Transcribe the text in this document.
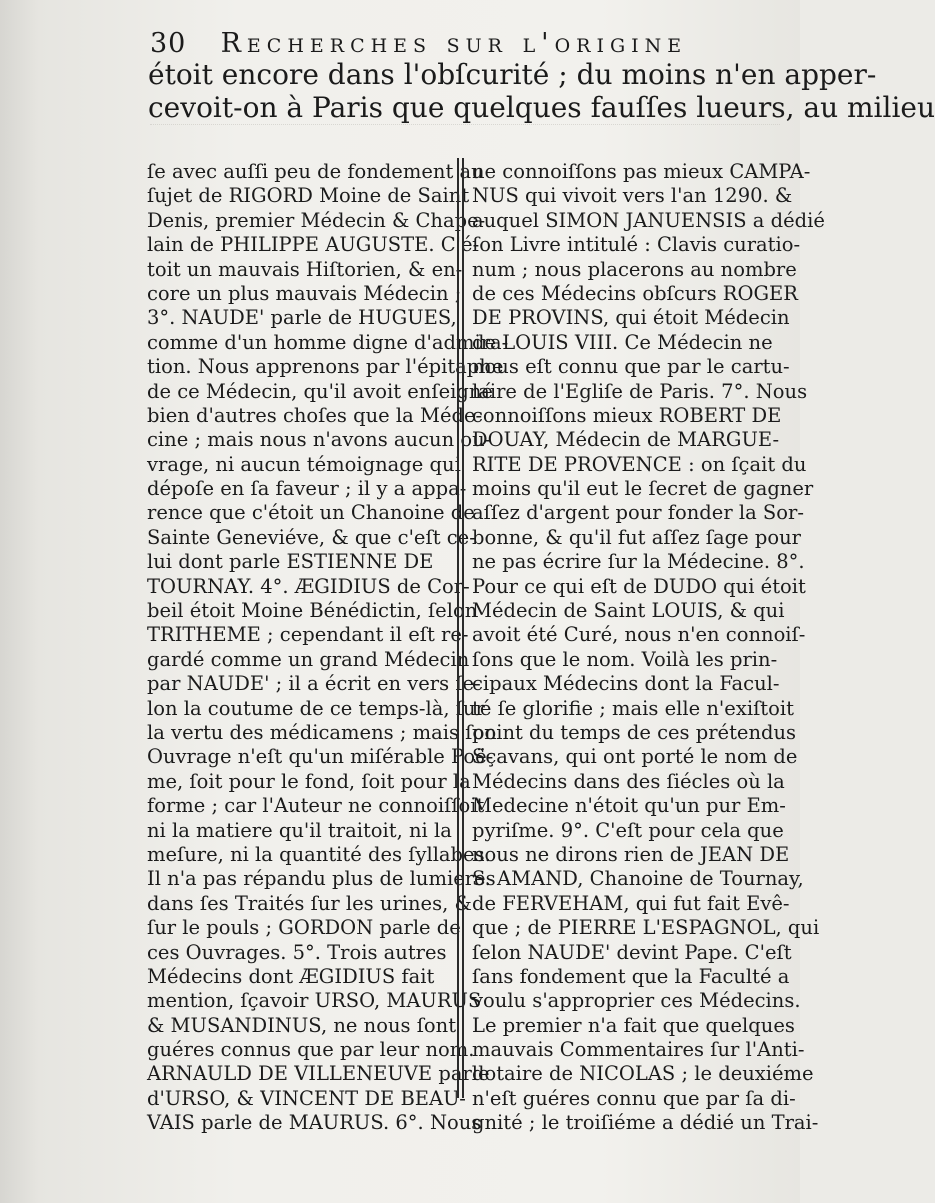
30 Recherches sur l'origine
étoit encore dans l'obſcurité ; du moins n'en apper-
cevoit-on à Paris que quelques fauſſes lueurs, au milieu
ſe avec auſſi peu de fondement au
ſujet de RIGORD Moine de Saint
Denis, premier Médecin & Chape-
lain de PHILIPPE AUGUSTE. C'é-
toit un mauvais Hiſtorien, & en-
core un plus mauvais Médecin ;
3°. NAUDE' parle de HUGUES,
comme d'un homme digne d'admira-
tion. Nous apprenons par l'épitaphe
de ce Médecin, qu'il avoit enſeigné
bien d'autres choſes que la Méde-
cine ; mais nous n'avons aucun ou-
vrage, ni aucun témoignage qui
dépoſe en ſa faveur ; il y a appa-
rence que c'étoit un Chanoine de
Sainte Geneviéve, & que c'eſt ce-
lui dont parle ESTIENNE DE
TOURNAY. 4°. ÆGIDIUS de Cor-
beil étoit Moine Bénédictin, ſelon
TRITHEME ; cependant il eſt re-
gardé comme un grand Médecin
par NAUDE' ; il a écrit en vers ſe-
lon la coutume de ce temps-là, ſur
la vertu des médicamens ; mais ſon
Ouvrage n'eſt qu'un miſérable Poë-
me, ſoit pour le fond, ſoit pour la
forme ; car l'Auteur ne connoiſſoit
ni la matiere qu'il traitoit, ni la
meſure, ni la quantité des ſyllabes.
Il n'a pas répandu plus de lumieres
dans ſes Traités ſur les urines, &
ſur le pouls ; GORDON parle de
ces Ouvrages. 5°. Trois autres
Médecins dont ÆGIDIUS fait
mention, ſçavoir URSO, MAURUS
& MUSANDINUS, ne nous ſont
guéres connus que par leur nom.
ARNAULD DE VILLENEUVE parle
d'URSO, & VINCENT DE BEAU-
VAIS parle de MAURUS. 6°. Nous
ne connoiſſons pas mieux CAMPA-
NUS qui vivoit vers l'an 1290. &
auquel SIMON JANUENSIS a dédié
ſon Livre intitulé : Clavis curatio-
num ; nous placerons au nombre
de ces Médecins obſcurs ROGER
DE PROVINS, qui étoit Médecin
de LOUIS VIII. Ce Médecin ne
nous eſt connu que par le cartu-
laire de l'Egliſe de Paris. 7°. Nous
connoiſſons mieux ROBERT DE
DOUAY, Médecin de MARGUE-
RITE DE PROVENCE : on ſçait du
moins qu'il eut le ſecret de gagner
aſſez d'argent pour fonder la Sor-
bonne, & qu'il fut aſſez ſage pour
ne pas écrire ſur la Médecine. 8°.
Pour ce qui eſt de DUDO qui étoit
Médecin de Saint LOUIS, & qui
avoit été Curé, nous n'en connoiſ-
ſons que le nom. Voilà les prin-
cipaux Médecins dont la Facul-
té ſe glorifie ; mais elle n'exiſtoit
point du temps de ces prétendus
Sçavans, qui ont porté le nom de
Médecins dans des ſiécles où la
Medecine n'étoit qu'un pur Em-
pyriſme. 9°. C'eſt pour cela que
nous ne dirons rien de JEAN DE
S. AMAND, Chanoine de Tournay,
de FERVEHAM, qui fut fait Evê-
que ; de PIERRE L'ESPAGNOL, qui
ſelon NAUDE' devint Pape. C'eſt
ſans fondement que la Faculté a
voulu s'approprier ces Médecins.
Le premier n'a fait que quelques
mauvais Commentaires ſur l'Anti-
dotaire de NICOLAS ; le deuxiéme
n'eſt guéres connu que par ſa di-
gnité ; le troiſiéme a dédié un Trai-
